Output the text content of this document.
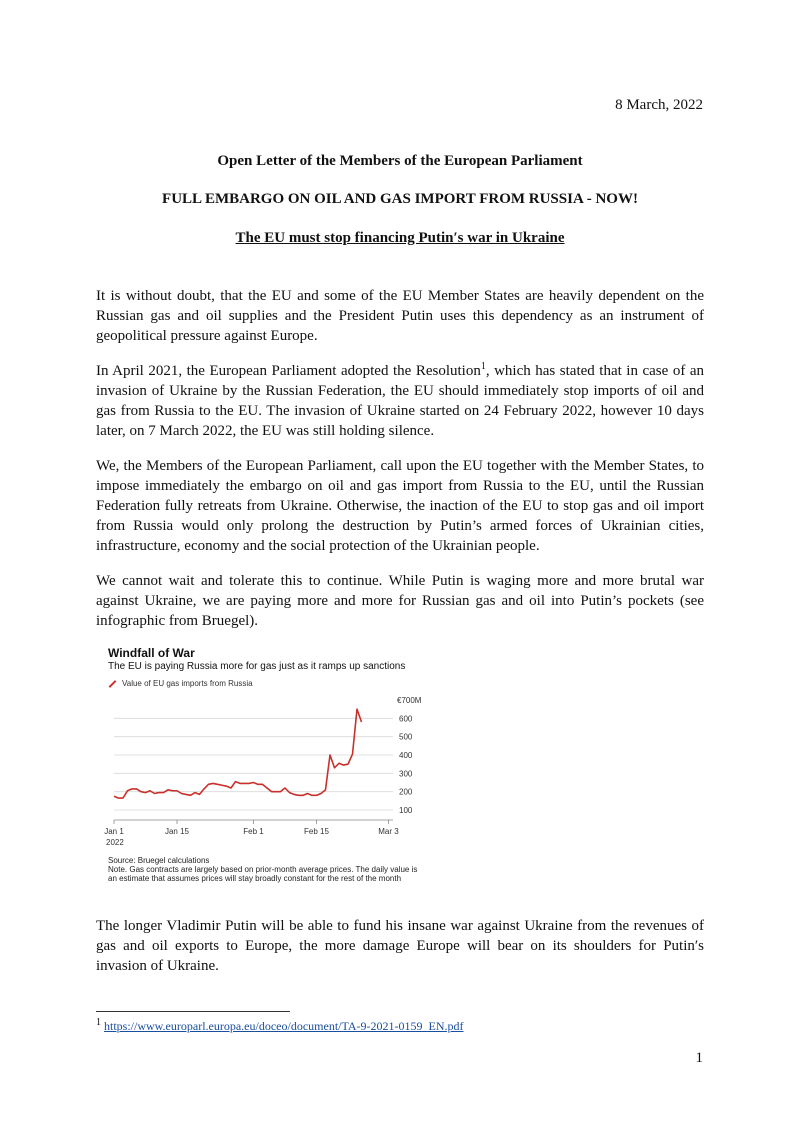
8 March, 2022
Open Letter of the Members of the European Parliament
FULL EMBARGO ON OIL AND GAS IMPORT FROM RUSSIA - NOW!
The EU must stop financing Putin′s war in Ukraine

It is without doubt, that the EU and some of the EU Member States are heavily dependent on the Russian gas and oil supplies and the President Putin uses this dependency as an instrument of geopolitical pressure against Europe.

In April 2021, the European Parliament adopted the Resolution$^1$, which has stated that in case of an invasion of Ukraine by the Russian Federation, the EU should immediately stop imports of oil and gas from Russia to the EU. The invasion of Ukraine started on 24 February 2022, however 10 days later, on 7 March 2022, the EU was still holding silence.

We, the Members of the European Parliament, call upon the EU together with the Member States, to impose immediately the embargo on oil and gas import from Russia to the EU, until the Russian Federation fully retreats from Ukraine. Otherwise, the inaction of the EU to stop gas and oil import from Russia would only prolong the destruction by Putin’s armed forces of Ukrainian cities, infrastructure, economy and the social protection of the Ukrainian people.

We cannot wait and tolerate this to continue. While Putin is waging more and more brutal war against Ukraine, we are paying more and more for Russian gas and oil into Putin’s pockets (see infographic from Bruegel).

Windfall of War
The EU is paying Russia more for gas just as it ramps up sanctions
Value of EU gas imports from Russia
100
200
300
400
500
600
€700M
Jan 1	Jan 15	Feb 1	Feb 15	Mar 3
2022
Source: Bruegel calculations
Note. Gas contracts are largely based on prior-month average prices. The daily value is an estimate that assumes prices will stay broadly constant for the rest of the month

The longer Vladimir Putin will be able to fund his insane war against Ukraine from the revenues of gas and oil exports to Europe, the more damage Europe will bear on its shoulders for Putin′s invasion of Ukraine.

$^1$ https://www.europarl.europa.eu/doceo/document/TA-9-2021-0159_EN.pdf
1
